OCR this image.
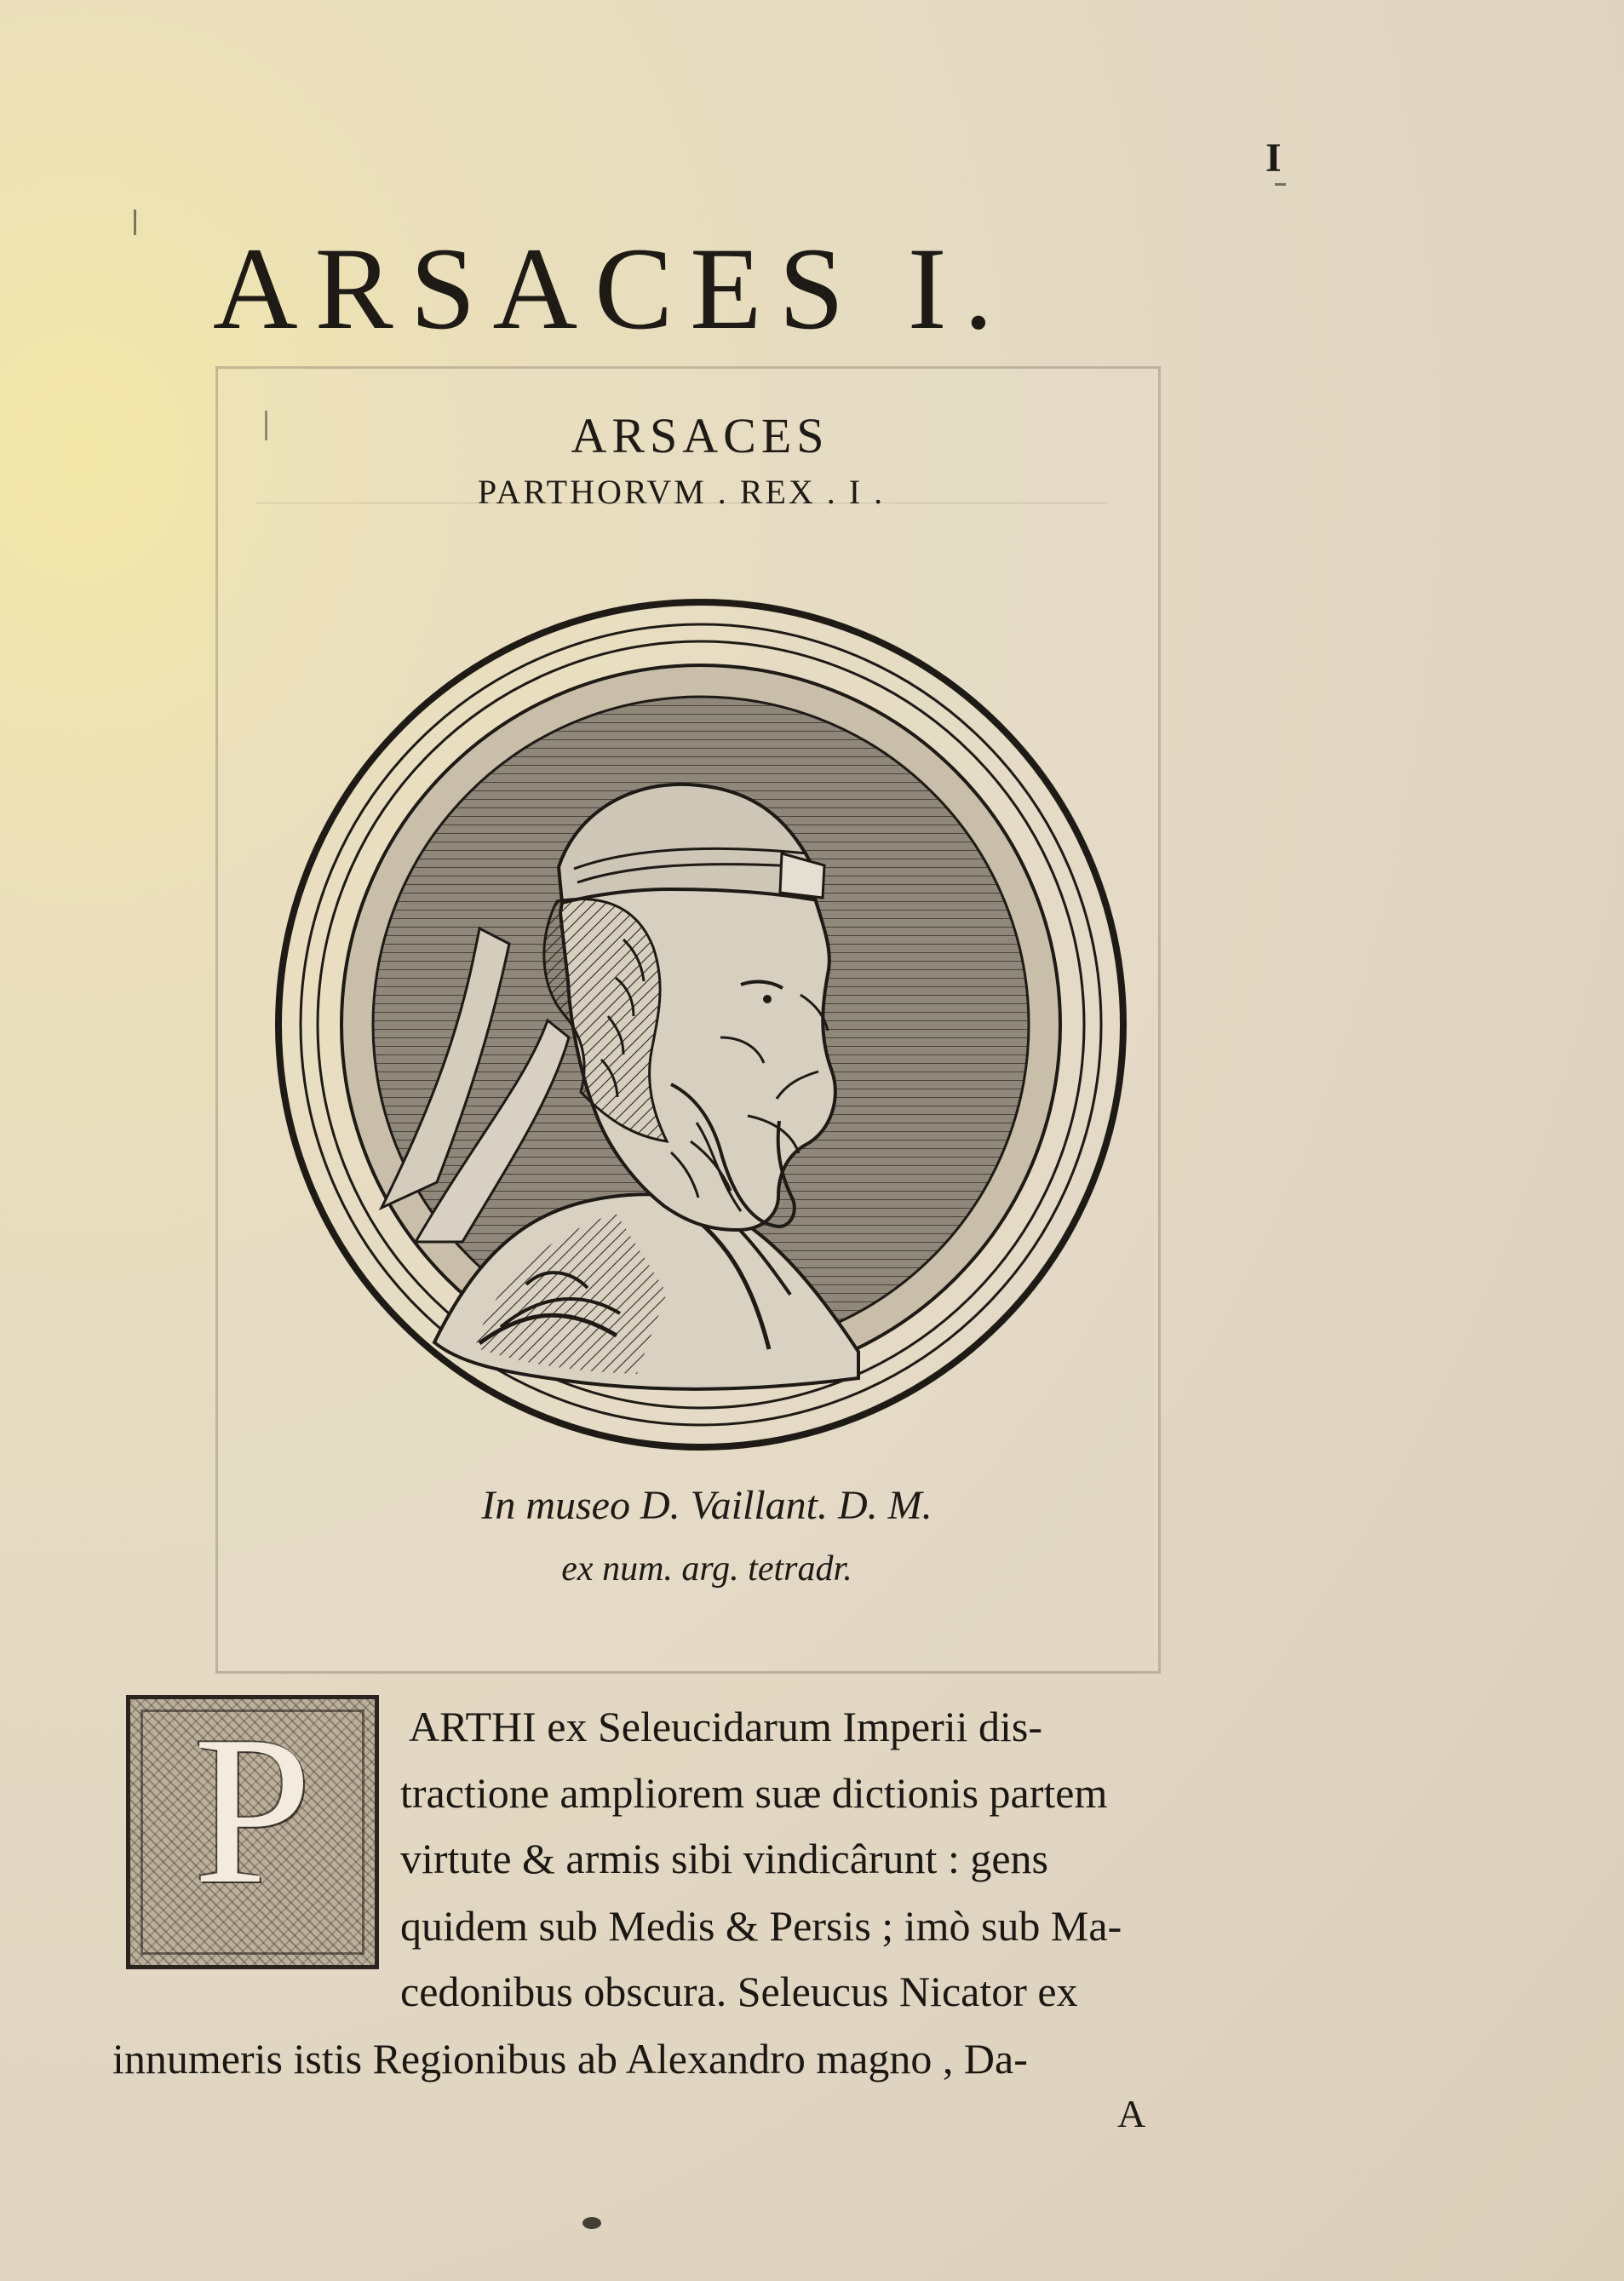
I
ARSACES I.
ARSACES
PARTHORVM . REX . I .
In museo D. Vaillant. D. M.
ex num. arg. tetradr.
P	ARTHI ex Seleucidarum Imperii dis-
tractione ampliorem suæ dictionis partem
virtute & armis sibi vindicârunt : gens
quidem sub Medis & Persis ; imò sub Ma-
cedonibus obscura. Seleucus Nicator ex
innumeris istis Regionibus ab Alexandro magno , Da-
A
